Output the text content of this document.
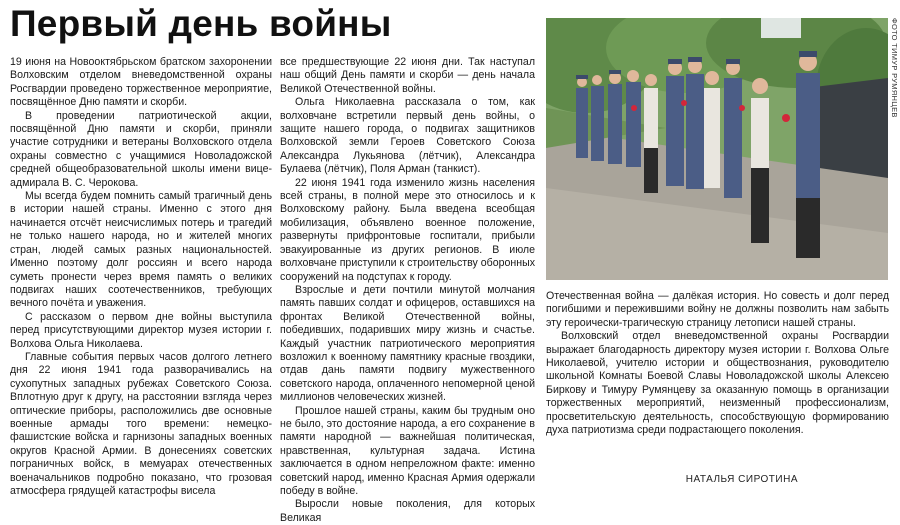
Первый день войны

19 июня на Новооктябрьском братском захоронении Волховским отделом вневедомственной охраны Росгвардии проведено торжественное мероприятие, посвящённое Дню памяти и скорби.

В проведении патриотической акции, посвящённой Дню памяти и скорби, приняли участие сотрудники и ветераны Волховского отдела охраны совместно с учащимися Новоладожской средней общеобразовательной школы имени вице-адмирала В. С. Черокова.

Мы всегда будем помнить самый трагичный день в истории нашей страны. Именно с этого дня начинается отсчёт неисчислимых потерь и трагедий не только нашего народа, но и жителей многих стран, людей самых разных национальностей. Именно поэтому долг россиян и всего народа суметь пронести через время память о великих подвигах наших соотечественников, требующих вечного почёта и уважения.

С рассказом о первом дне войны выступила перед присутствующими директор музея истории г. Волхова Ольга Николаева.

Главные события первых часов долгого летнего дня 22 июня 1941 года разворачивались на сухопутных западных рубежах Советского Союза. Вплотную друг к другу, на расстоянии взгляда через оптические приборы, расположились две основные военные армады того времени: немецко-фашистские войска и гарнизоны западных военных округов Красной Армии. В донесениях советских пограничных войск, в мемуарах отечественных военачальников подробно показано, что грозовая атмосфера грядущей катастрофы висела

все предшествующие 22 июня дни. Так наступал наш общий День памяти и скорби — день начала Великой Отечественной войны.

Ольга Николаевна рассказала о том, как волховчане встретили первый день войны, о защите нашего города, о подвигах защитников Волховской земли Героев Советского Союза Александра Лукьянова (лётчик), Александра Булаева (лётчик), Поля Арман (танкист).

22 июня 1941 года изменило жизнь населения всей страны, в полной мере это относилось и к Волховскому району. Была введена всеобщая мобилизация, объявлено военное положение, развернуты прифронтовые госпитали, прибыли эвакуированные из других регионов. В июле волховчане приступили к строительству оборонных сооружений на подступах к городу.

Взрослые и дети почтили минутой молчания память павших солдат и офицеров, оставшихся на фронтах Великой Отечественной войны, победивших, подаривших миру жизнь и счастье. Каждый участник патриотического мероприятия возложил к военному памятнику красные гвоздики, отдав дань памяти подвигу мужественного советского народа, оплаченного непомерной ценой миллионов человеческих жизней.

Прошлое нашей страны, каким бы трудным оно не было, это достояние народа, а его сохранение в памяти народной — важнейшая политическая, нравственная, культурная задача. Истина заключается в одном непреложном факте: именно советский народ, именно Красная Армия одержали победу в войне.

Выросли новые поколения, для которых Великая

ФОТО ТИМУР РУМЯНЦЕВ

Отечественная война — далёкая история. Но совесть и долг перед погибшими и пережившими войну не должны позволить нам забыть эту героически-трагическую страницу летописи нашей страны.

Волховский отдел вневедомственной охраны Росгвардии выражает благодарность директору музея истории г. Волхова Ольге Николаевой, учителю истории и обществознания, руководителю школьной Комнаты Боевой Славы Новоладожской школы Алексею Биркову и Тимуру Румянцеву за оказанную помощь в организации торжественных мероприятий, неизменный профессионализм, просветительскую деятельность, способствующую формированию духа патриотизма среди подрастающего поколения.

НАТАЛЬЯ СИРОТИНА
